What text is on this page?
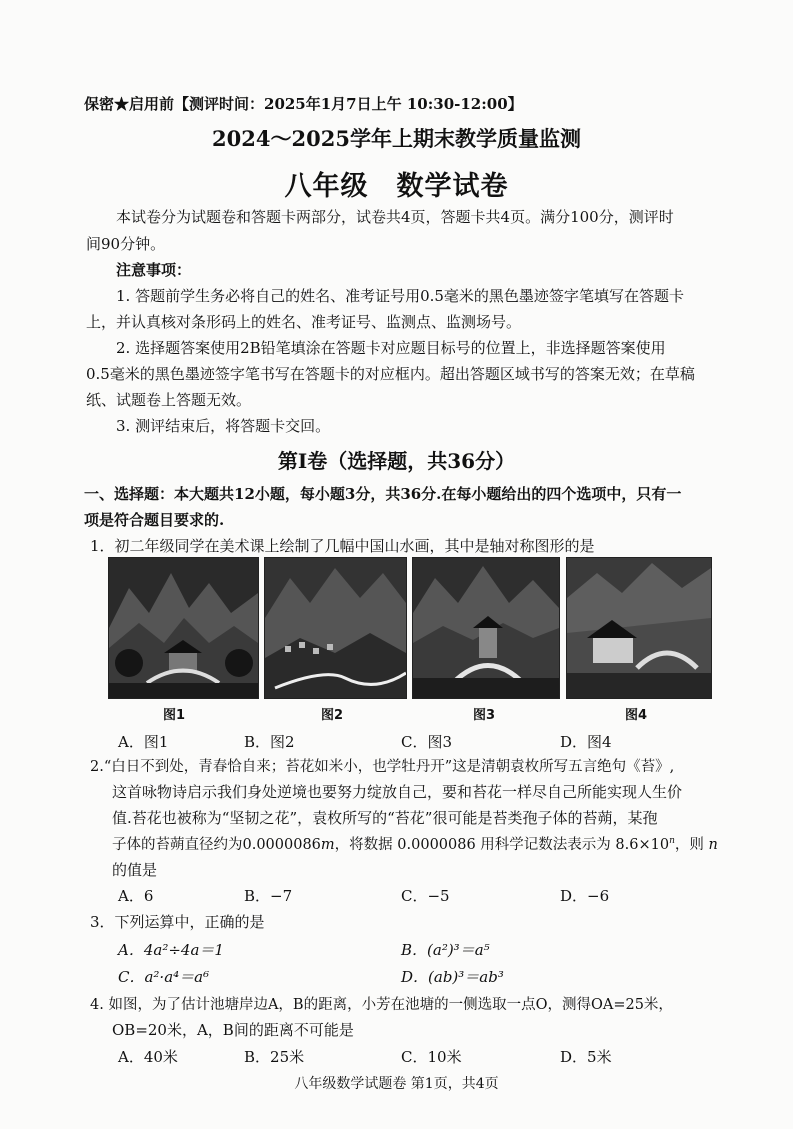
保密★启用前【测评时间：2025年1月7日上午 10:30-12:00】
2024～2025学年上期末教学质量监测
八年级　数学试卷
本试卷分为试题卷和答题卡两部分，试卷共4页，答题卡共4页。满分100分，测评时
间90分钟。
注意事项：
1. 答题前学生务必将自己的姓名、准考证号用0.5毫米的黑色墨迹签字笔填写在答题卡
上，并认真核对条形码上的姓名、准考证号、监测点、监测场号。
2. 选择题答案使用2B铅笔填涂在答题卡对应题目标号的位置上，非选择题答案使用
0.5毫米的黑色墨迹签字笔书写在答题卡的对应框内。超出答题区域书写的答案无效；在草稿
纸、试题卷上答题无效。
3. 测评结束后，将答题卡交回。
第Ⅰ卷（选择题，共36分）
一、选择题：本大题共12小题，每小题3分，共36分.在每小题给出的四个选项中，只有一
项是符合题目要求的.
1．初二年级同学在美术课上绘制了几幅中国山水画，其中是轴对称图形的是
图1	图2	图3	图4
A．图1	B．图2	C．图3	D．图4
2.“白日不到处，青春恰自来；苔花如米小，也学牡丹开”这是清朝袁枚所写五言绝句《苔》,
这首咏物诗启示我们身处逆境也要努力绽放自己，要和苔花一样尽自己所能实现人生价
值.苔花也被称为“坚韧之花”，袁枚所写的“苔花”很可能是苔类孢子体的苔蒴，某孢
子体的苔蒴直径约为0.0000086m，将数据 0.0000086 用科学记数法表示为 $8.6\times 10^n$，则 n
的值是
A．6	B．−7	C．−5	D．−6
3．下列运算中，正确的是
A．4a²÷4a＝1	B．(a²)³＝a⁵
C．a²·a⁴＝a⁶	D．(ab)³＝ab³
4. 如图，为了估计池塘岸边A，B的距离，小芳在池塘的一侧选取一点O，测得OA=25米，
OB=20米，A，B间的距离不可能是
A．40米	B．25米	C．10米	D．5米
八年级数学试题卷 第1页，共4页
